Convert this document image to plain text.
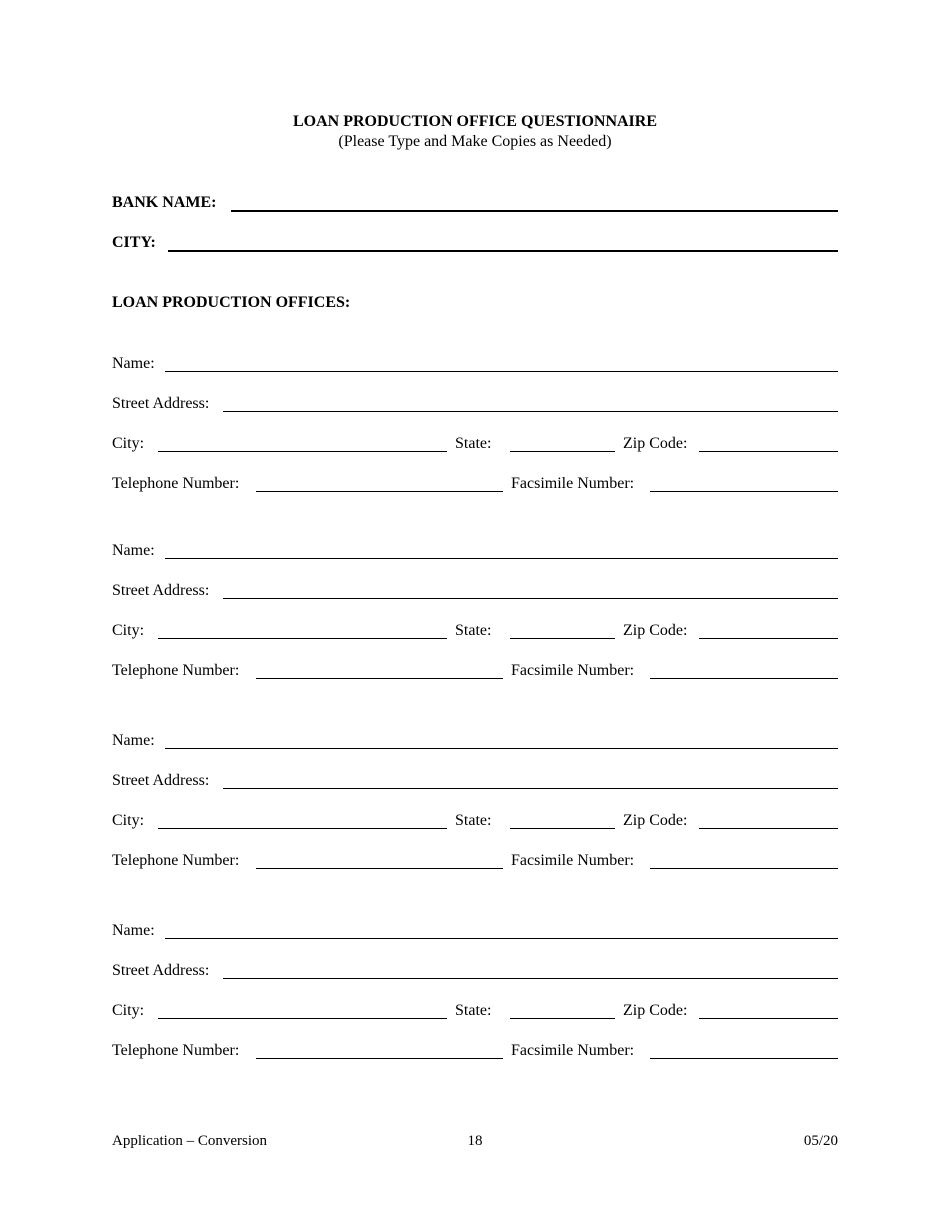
LOAN PRODUCTION OFFICE QUESTIONNAIRE
(Please Type and Make Copies as Needed)
BANK NAME:
CITY:
LOAN PRODUCTION OFFICES:
Name:
Street Address:
City:	State:	Zip Code:
Telephone Number:	Facsimile Number:
Name:
Street Address:
City:	State:	Zip Code:
Telephone Number:	Facsimile Number:
Name:
Street Address:
City:	State:	Zip Code:
Telephone Number:	Facsimile Number:
Name:
Street Address:
City:	State:	Zip Code:
Telephone Number:	Facsimile Number:
Application – Conversion	18	05/20
